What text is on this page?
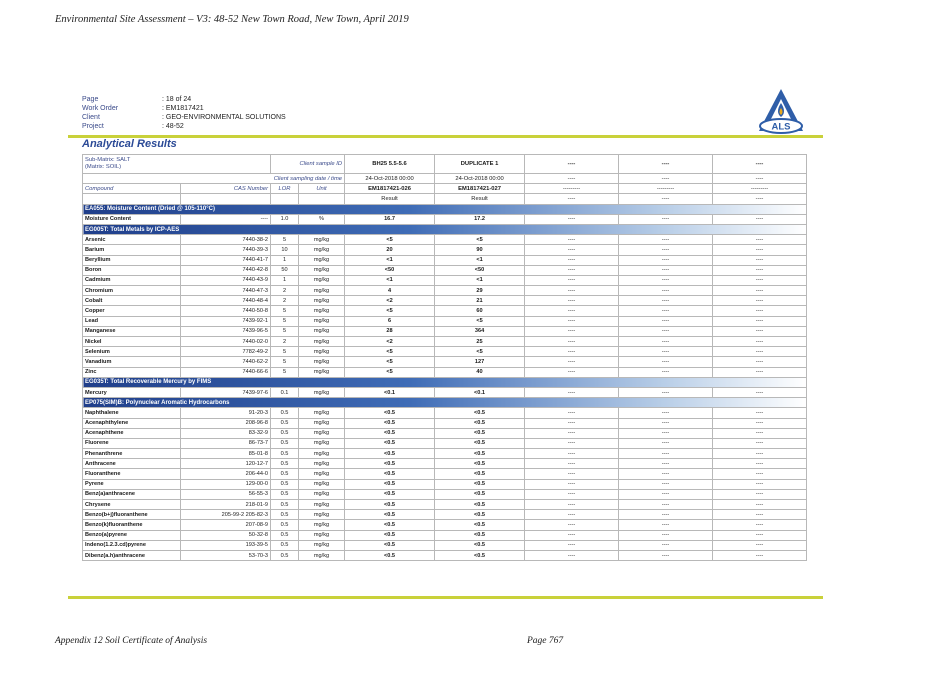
Environmental Site Assessment – V3: 48-52 New Town Road, New Town, April 2019
Page	: 18 of 24
Work Order	: EM1817421
Client	: GEO-ENVIRONMENTAL SOLUTIONS
Project	: 48-52	ALS
Analytical Results
Sub-Matrix: SALT
(Matrix: SOIL)		Client sample ID		BH25 5.5-5.6	DUPLICATE 1	----	----	----
Client sampling date / time				24-Oct-2018 00:00	24-Oct-2018 00:00	----	----	----
Compound	CAS Number	LOR	Unit	EM1817421-026	EM1817421-027	---------	---------	---------
				Result	Result	----	----	----
EA055: Moisture Content (Dried @ 105-110°C)								
Moisture Content	----	1.0	%	16.7	17.2	----	----	----
EG005T: Total Metals by ICP-AES								
Arsenic	7440-38-2	5	mg/kg	<5	<5	----	----	----
Barium	7440-39-3	10	mg/kg	20	90	----	----	----
Beryllium	7440-41-7	1	mg/kg	<1	<1	----	----	----
Boron	7440-42-8	50	mg/kg	<50	<50	----	----	----
Cadmium	7440-43-9	1	mg/kg	<1	<1	----	----	----
Chromium	7440-47-3	2	mg/kg	4	29	----	----	----
Cobalt	7440-48-4	2	mg/kg	<2	21	----	----	----
Copper	7440-50-8	5	mg/kg	<5	60	----	----	----
Lead	7439-92-1	5	mg/kg	6	<5	----	----	----
Manganese	7439-96-5	5	mg/kg	28	364	----	----	----
Nickel	7440-02-0	2	mg/kg	<2	25	----	----	----
Selenium	7782-49-2	5	mg/kg	<5	<5	----	----	----
Vanadium	7440-62-2	5	mg/kg	<5	127	----	----	----
Zinc	7440-66-6	5	mg/kg	<5	40	----	----	----
EG035T: Total Recoverable Mercury by FIMS								
Mercury	7439-97-6	0.1	mg/kg	<0.1	<0.1	----	----	----
EP075(SIM)B: Polynuclear Aromatic Hydrocarbons								
Naphthalene	91-20-3	0.5	mg/kg	<0.5	<0.5	----	----	----
Acenaphthylene	208-96-8	0.5	mg/kg	<0.5	<0.5	----	----	----
Acenaphthene	83-32-9	0.5	mg/kg	<0.5	<0.5	----	----	----
Fluorene	86-73-7	0.5	mg/kg	<0.5	<0.5	----	----	----
Phenanthrene	85-01-8	0.5	mg/kg	<0.5	<0.5	----	----	----
Anthracene	120-12-7	0.5	mg/kg	<0.5	<0.5	----	----	----
Fluoranthene	206-44-0	0.5	mg/kg	<0.5	<0.5	----	----	----
Pyrene	129-00-0	0.5	mg/kg	<0.5	<0.5	----	----	----
Benz(a)anthracene	56-55-3	0.5	mg/kg	<0.5	<0.5	----	----	----
Chrysene	218-01-9	0.5	mg/kg	<0.5	<0.5	----	----	----
Benzo(b+j)fluoranthene	205-99-2 205-82-3	0.5	mg/kg	<0.5	<0.5	----	----	----
Benzo(k)fluoranthene	207-08-9	0.5	mg/kg	<0.5	<0.5	----	----	----
Benzo(a)pyrene	50-32-8	0.5	mg/kg	<0.5	<0.5	----	----	----
Indeno(1.2.3.cd)pyrene	193-39-5	0.5	mg/kg	<0.5	<0.5	----	----	----
Dibenz(a.h)anthracene	53-70-3	0.5	mg/kg	<0.5	<0.5	----	----	----
Appendix 12 Soil Certificate of Analysis	Page 767
